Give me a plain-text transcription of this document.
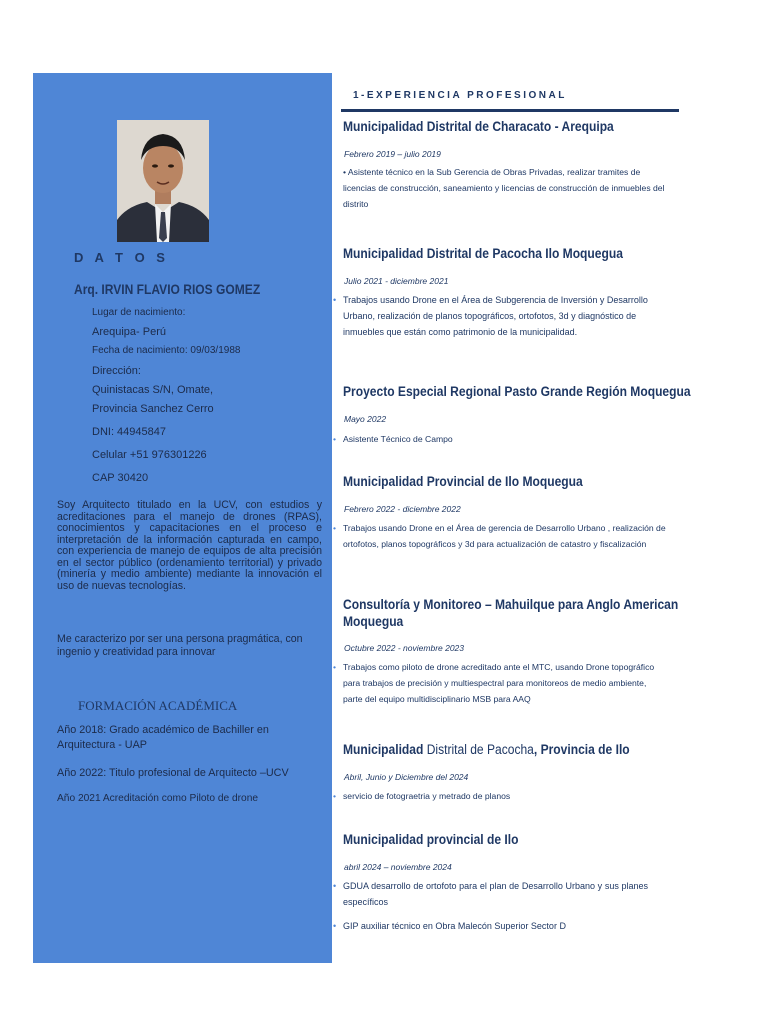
D A T O S
Arq. IRVIN FLAVIO RIOS GOMEZ
Lugar de nacimiento:
Arequipa- Perú
Fecha de nacimiento: 09/03/1988
Dirección:
Quinistacas S/N, Omate,
Provincia Sanchez Cerro
DNI: 44945847
Celular +51 976301226
CAP 30420
Soy Arquitecto titulado en la UCV, con estudios y acreditaciones para el manejo de drones (RPAS), conocimientos y capacitaciones en el proceso e interpretación de la información capturada en campo, con experiencia de manejo de equipos de alta precisión en el sector público (ordenamiento territorial) y privado (minería y medio ambiente) mediante la innovación el uso de nuevas tecnologías.
Me caracterizo por ser una persona pragmática, con ingenio y creatividad para innovar
FORMACIÓN ACADÉMICA
Año 2018: Grado académico de Bachiller en Arquitectura - UAP
Año 2022: Titulo profesional de Arquitecto –UCV
Año 2021 Acreditación como Piloto de drone
1-EXPERIENCIA PROFESIONAL
Municipalidad Distrital de Characato - Arequipa
Febrero 2019 – julio 2019
• Asistente técnico en la Sub Gerencia de Obras Privadas, realizar tramites de licencias de construcción, saneamiento y licencias de construcción de inmuebles del distrito
Municipalidad Distrital de Pacocha Ilo Moquegua
Julio 2021 - diciembre 2021
• Trabajos usando Drone en el Área de Subgerencia de Inversión y Desarrollo Urbano, realización de planos topográficos, ortofotos, 3d y diagnóstico de inmuebles que están como patrimonio de la municipalidad.
Proyecto Especial Regional Pasto Grande Región Moquegua
Mayo 2022
• Asistente Técnico de Campo
Municipalidad Provincial de Ilo Moquegua
Febrero 2022 - diciembre 2022
• Trabajos usando Drone en el Área de gerencia de Desarrollo Urbano , realización de ortofotos, planos topográficos y 3d para actualización de catastro y fiscalización
Consultoría y Monitoreo – Mahuilque para Anglo American Moquegua
Octubre 2022 - noviembre 2023
• Trabajos como piloto de drone acreditado ante el MTC, usando Drone topográfico para trabajos de precisión y multiespectral para monitoreos de medio ambiente, parte del equipo multidisciplinario MSB para AAQ
Municipalidad Distrital de Pacocha, Provincia de Ilo
Abril, Junio y Diciembre del 2024
• servicio de fotograetria y metrado de planos
Municipalidad provincial de Ilo
abril 2024 – noviembre 2024
• GDUA desarrollo de ortofoto para el plan de Desarrollo Urbano y sus planes específicos
• GIP auxiliar técnico en Obra Malecón Superior Sector D
